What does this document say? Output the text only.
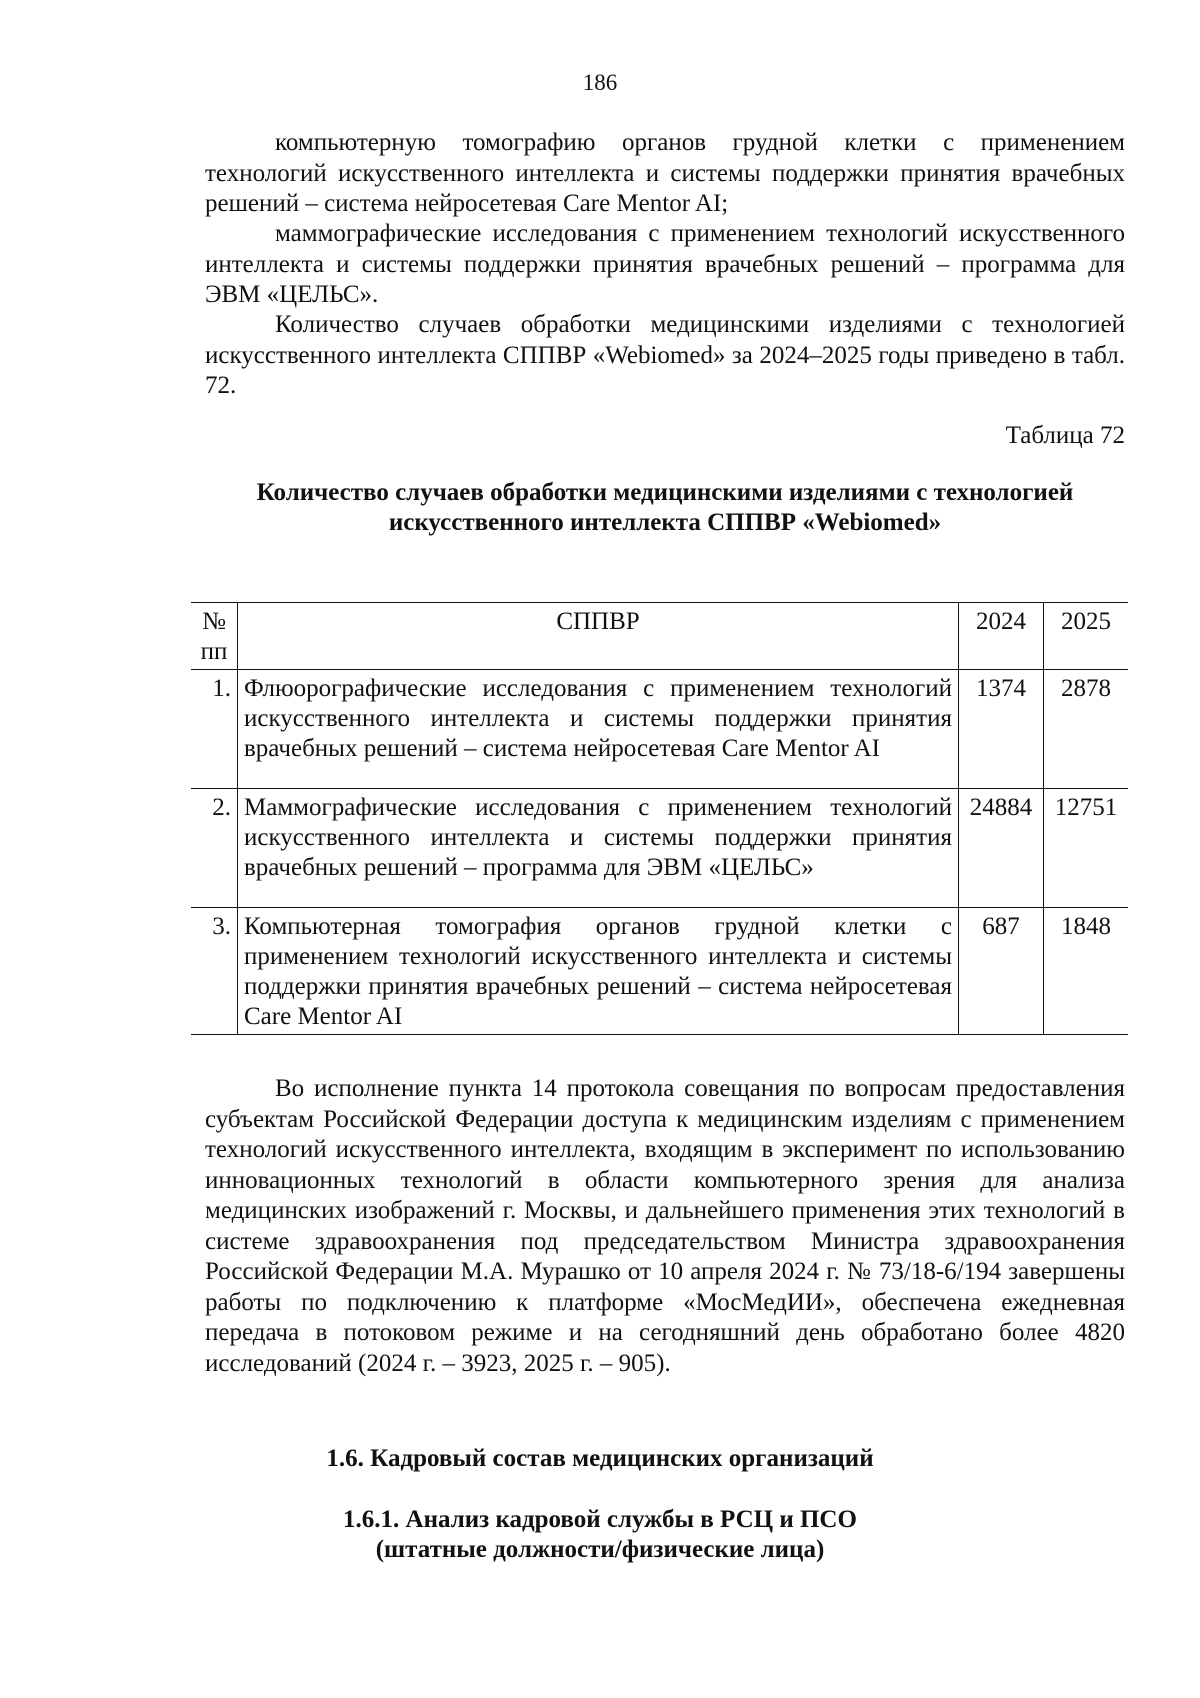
186

компьютерную томографию органов грудной клетки с применением технологий искусственного интеллекта и системы поддержки принятия врачебных решений – система нейросетевая Care Mentor AI;

маммографические исследования с применением технологий искусственного интеллекта и системы поддержки принятия врачебных решений – программа для ЭВМ «ЦЕЛЬС».

Количество случаев обработки медицинскими изделиями с технологией искусственного интеллекта СППВР «Webiomed» за 2024–2025 годы приведено в табл. 72.

Таблица 72

Количество случаев обработки медицинскими изделиями с технологией искусственного интеллекта СППВР «Webiomed»

№ пп	СППВР	2024	2025
1.	Флюорографические исследования с применением технологий искусственного интеллекта и системы поддержки принятия врачебных решений – система нейросетевая Care Mentor AI	1374	2878
2.	Маммографические исследования с применением технологий искусственного интеллекта и системы поддержки принятия врачебных решений – программа для ЭВМ «ЦЕЛЬС»	24884	12751
3.	Компьютерная томография органов грудной клетки с применением технологий искусственного интеллекта и системы поддержки принятия врачебных решений – система нейросетевая Care Mentor AI	687	1848

Во исполнение пункта 14 протокола совещания по вопросам предоставления субъектам Российской Федерации доступа к медицинским изделиям с применением технологий искусственного интеллекта, входящим в эксперимент по использованию инновационных технологий в области компьютерного зрения для анализа медицинских изображений г. Москвы, и дальнейшего применения этих технологий в системе здравоохранения под председательством Министра здравоохранения Российской Федерации М.А. Мурашко от 10 апреля 2024 г. № 73/18-6/194 завершены работы по подключению к платформе «МосМедИИ», обеспечена ежедневная передача в потоковом режиме и на сегодняшний день обработано более 4820 исследований (2024 г. – 3923, 2025 г. – 905).

1.6. Кадровый состав медицинских организаций

1.6.1. Анализ кадровой службы в РСЦ и ПСО

(штатные должности/физические лица)
